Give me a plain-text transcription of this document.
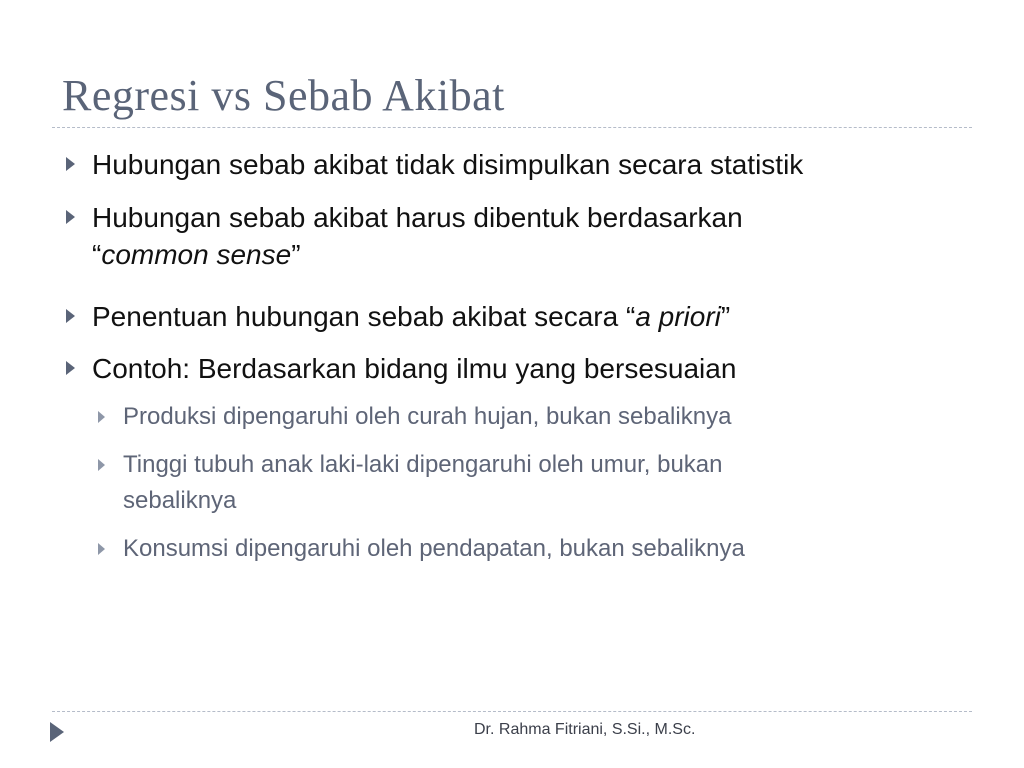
Regresi vs Sebab Akibat

Hubungan sebab akibat tidak disimpulkan secara statistik

Hubungan sebab akibat harus dibentuk berdasarkan
“common sense”

Penentuan hubungan sebab akibat secara “a priori”

Contoh: Berdasarkan bidang ilmu yang bersesuaian

Produksi dipengaruhi oleh curah hujan, bukan sebaliknya

Tinggi tubuh anak laki-laki dipengaruhi oleh umur, bukan
sebaliknya

Konsumsi dipengaruhi oleh pendapatan, bukan sebaliknya

Dr. Rahma Fitriani, S.Si., M.Sc.
